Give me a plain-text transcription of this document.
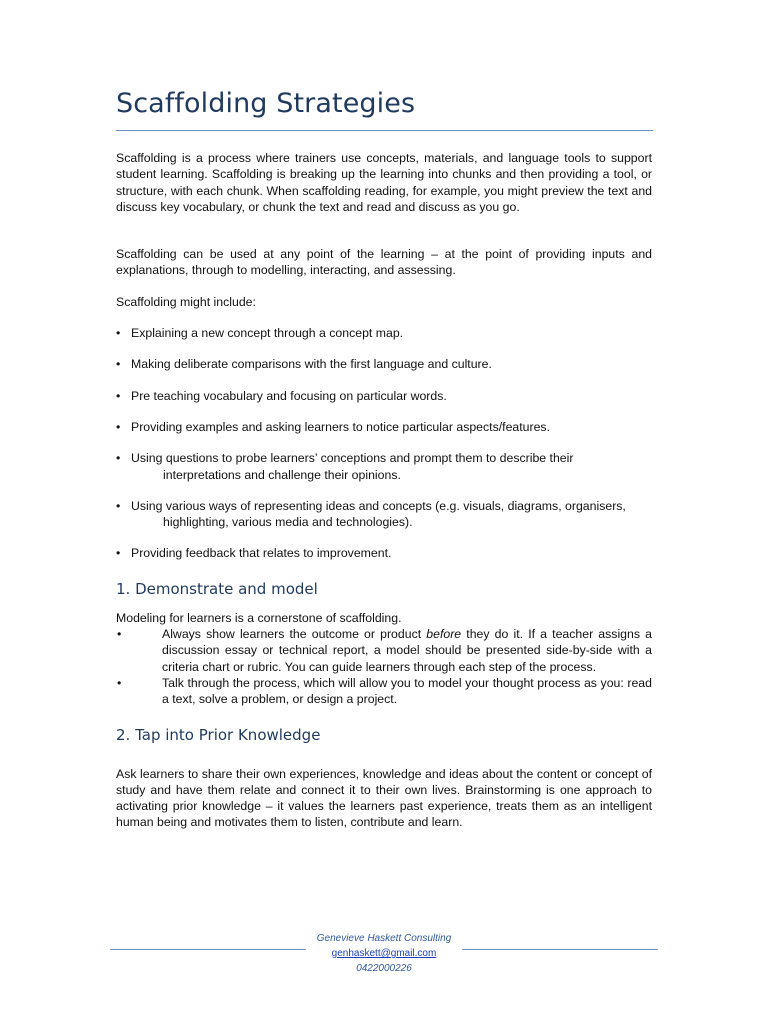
Scaffolding Strategies

Scaffolding is a process where trainers use concepts, materials, and language tools to support student learning. Scaffolding is breaking up the learning into chunks and then providing a tool, or structure, with each chunk. When scaffolding reading, for example, you might preview the text and discuss key vocabulary, or chunk the text and read and discuss as you go.

Scaffolding can be used at any point of the learning – at the point of providing inputs and explanations, through to modelling, interacting, and assessing.

Scaffolding might include:

• Explaining a new concept through a concept map.
• Making deliberate comparisons with the first language and culture.
• Pre teaching vocabulary and focusing on particular words.
• Providing examples and asking learners to notice particular aspects/features.
• Using questions to probe learners’ conceptions and prompt them to describe their
interpretations and challenge their opinions.
• Using various ways of representing ideas and concepts (e.g. visuals, diagrams, organisers,
highlighting, various media and technologies).
• Providing feedback that relates to improvement.
1. Demonstrate and model

Modeling for learners is a cornerstone of scaffolding.

•	Always show learners the outcome or product before they do it. If a teacher assigns a discussion essay or technical report, a model should be presented side-by-side with a criteria chart or rubric. You can guide learners through each step of the process.
•	Talk through the process, which will allow you to model your thought process as you: read a text, solve a problem, or design a project.
2. Tap into Prior Knowledge

Ask learners to share their own experiences, knowledge and ideas about the content or concept of study and have them relate and connect it to their own lives. Brainstorming is one approach to activating prior knowledge – it values the learners past experience, treats them as an intelligent human being and motivates them to listen, contribute and learn.

Genevieve Haskett Consulting
genhaskett@gmail.com
0422000226
